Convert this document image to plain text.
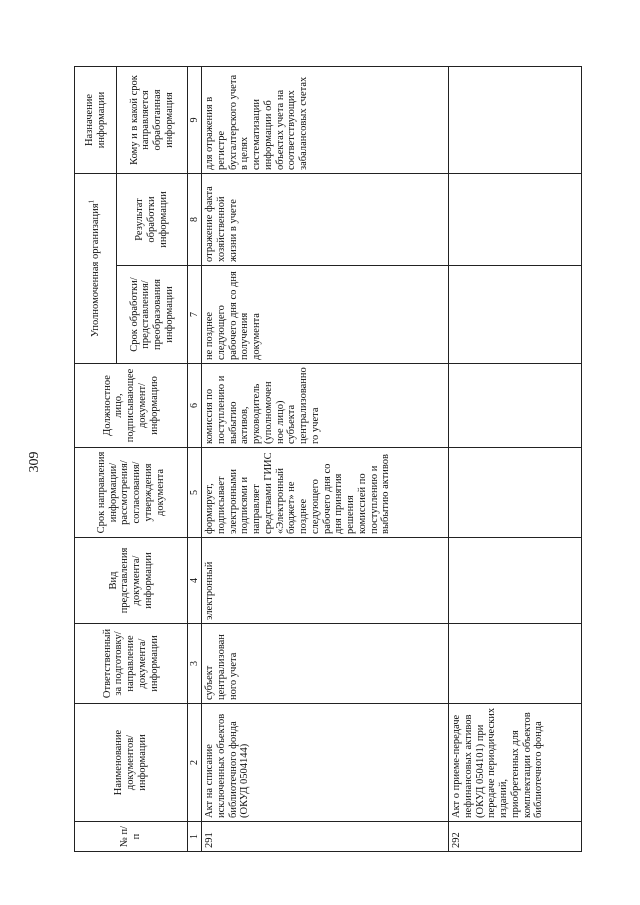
309
№ п/п	Наименование документов/ информации	Ответственный за подготовку/ направление документа/ информации	Вид представления документа/ информации	Срок направления информации/ рассмотрения/ согласования/ утверждения документа	Должностное лицо, подписывающее документ/ информацию	Уполномоченная организация$^1$		Назначение информации
						Срок обработки/ представления/ преобразования информации	Результат обработки информации	Кому и в какой срок направляется обработанная информация
1	2	3	4	5	6	7	8	9
291	Акт на списание исключенных объектов библиотечного фонда (ОКУД 0504144)	субъект централизован ного учета	электронный	формирует, подписывает электронными подписями и направляет средствами ГИИС «Электронный бюджет» не позднее следующего рабочего дня со дня принятия решения комиссией по поступлению и выбытию активов	комиссия по поступлению и выбытию активов, руководитель (уполномочен ное лицо) субъекта централизованно го учета	не позднее следующего рабочего дня со дня получения документа	отражение факта хозяйственной жизни в учете	для отражения в регистре бухгалтерского учета в целях систематизации информации об объектах учета на соответствующих забалансовых счетах
292	Акт о приеме-передаче нефинансовых активов (ОКУД 0504101) при передаче периодических изданий, приобретенных для комплектации объектов библиотечного фонда							
